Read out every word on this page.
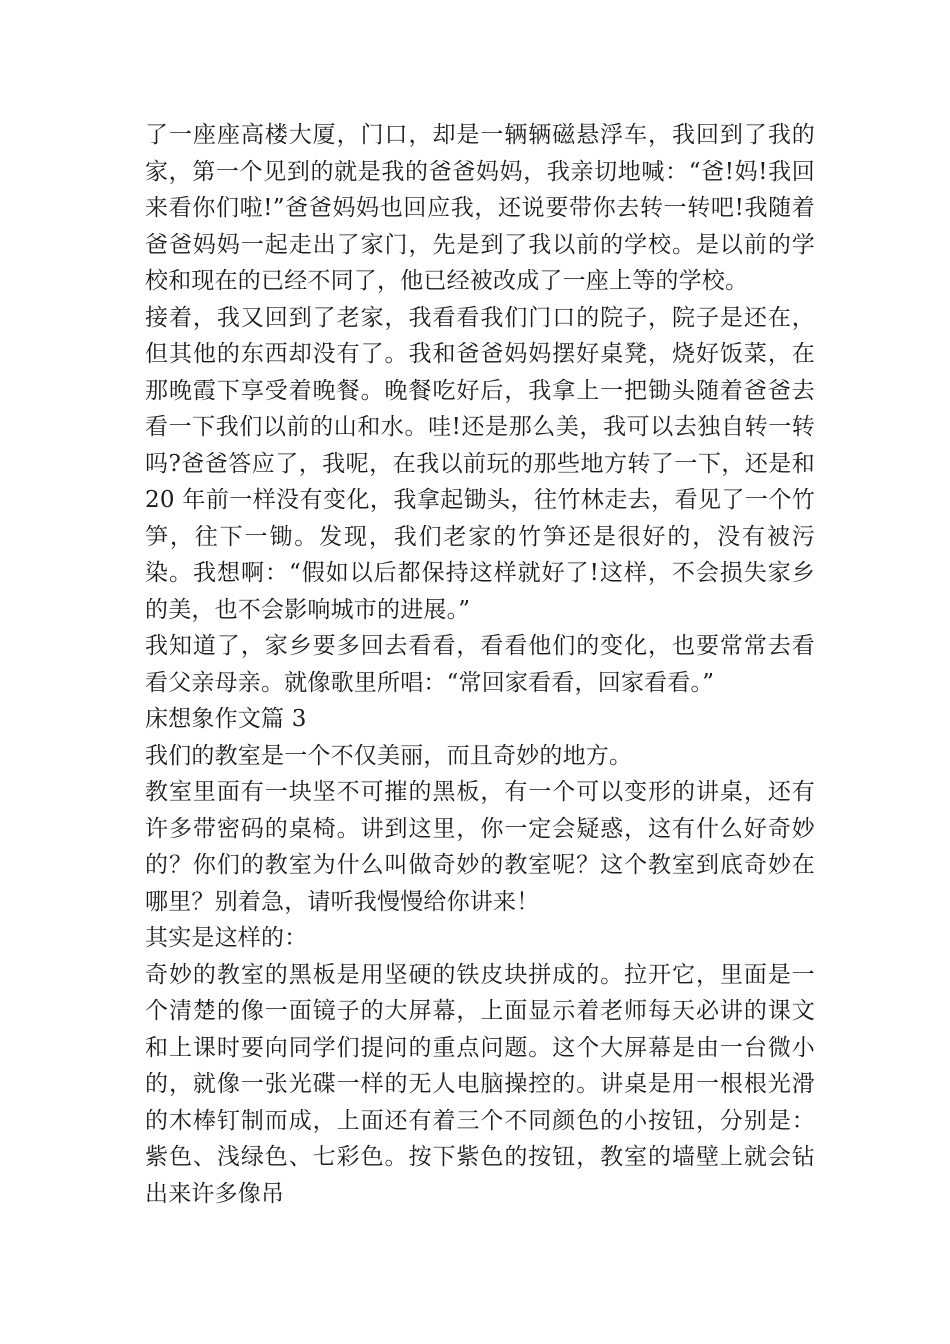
了一座座高楼大厦，门口，却是一辆辆磁悬浮车，我回到了我的家，第一个见到的就是我的爸爸妈妈，我亲切地喊：“爸!妈!我回来看你们啦!”爸爸妈妈也回应我，还说要带你去转一转吧!我随着爸爸妈妈一起走出了家门，先是到了我以前的学校。是以前的学校和现在的已经不同了，他已经被改成了一座上等的学校。

接着，我又回到了老家，我看看我们门口的院子，院子是还在，但其他的东西却没有了。我和爸爸妈妈摆好桌凳，烧好饭菜，在那晚霞下享受着晚餐。晚餐吃好后，我拿上一把锄头随着爸爸去看一下我们以前的山和水。哇!还是那么美，我可以去独自转一转吗?爸爸答应了，我呢，在我以前玩的那些地方转了一下，还是和 20 年前一样没有变化，我拿起锄头，往竹林走去，看见了一个竹笋，往下一锄。发现，我们老家的竹笋还是很好的，没有被污染。我想啊：“假如以后都保持这样就好了!这样，不会损失家乡的美，也不会影响城市的进展。”

我知道了，家乡要多回去看看，看看他们的变化，也要常常去看看父亲母亲。就像歌里所唱：“常回家看看，回家看看。”

床想象作文篇 3

我们的教室是一个不仅美丽，而且奇妙的地方。

教室里面有一块坚不可摧的黑板，有一个可以变形的讲桌，还有许多带密码的桌椅。讲到这里，你一定会疑惑，这有什么好奇妙的？你们的教室为什么叫做奇妙的教室呢？这个教室到底奇妙在哪里？别着急，请听我慢慢给你讲来！

其实是这样的：

奇妙的教室的黑板是用坚硬的铁皮块拼成的。拉开它，里面是一个清楚的像一面镜子的大屏幕，上面显示着老师每天必讲的课文和上课时要向同学们提问的重点问题。这个大屏幕是由一台微小的，就像一张光碟一样的无人电脑操控的。讲桌是用一根根光滑的木棒钉制而成，上面还有着三个不同颜色的小按钮，分别是：紫色、浅绿色、七彩色。按下紫色的按钮，教室的墙壁上就会钻出来许多像吊
